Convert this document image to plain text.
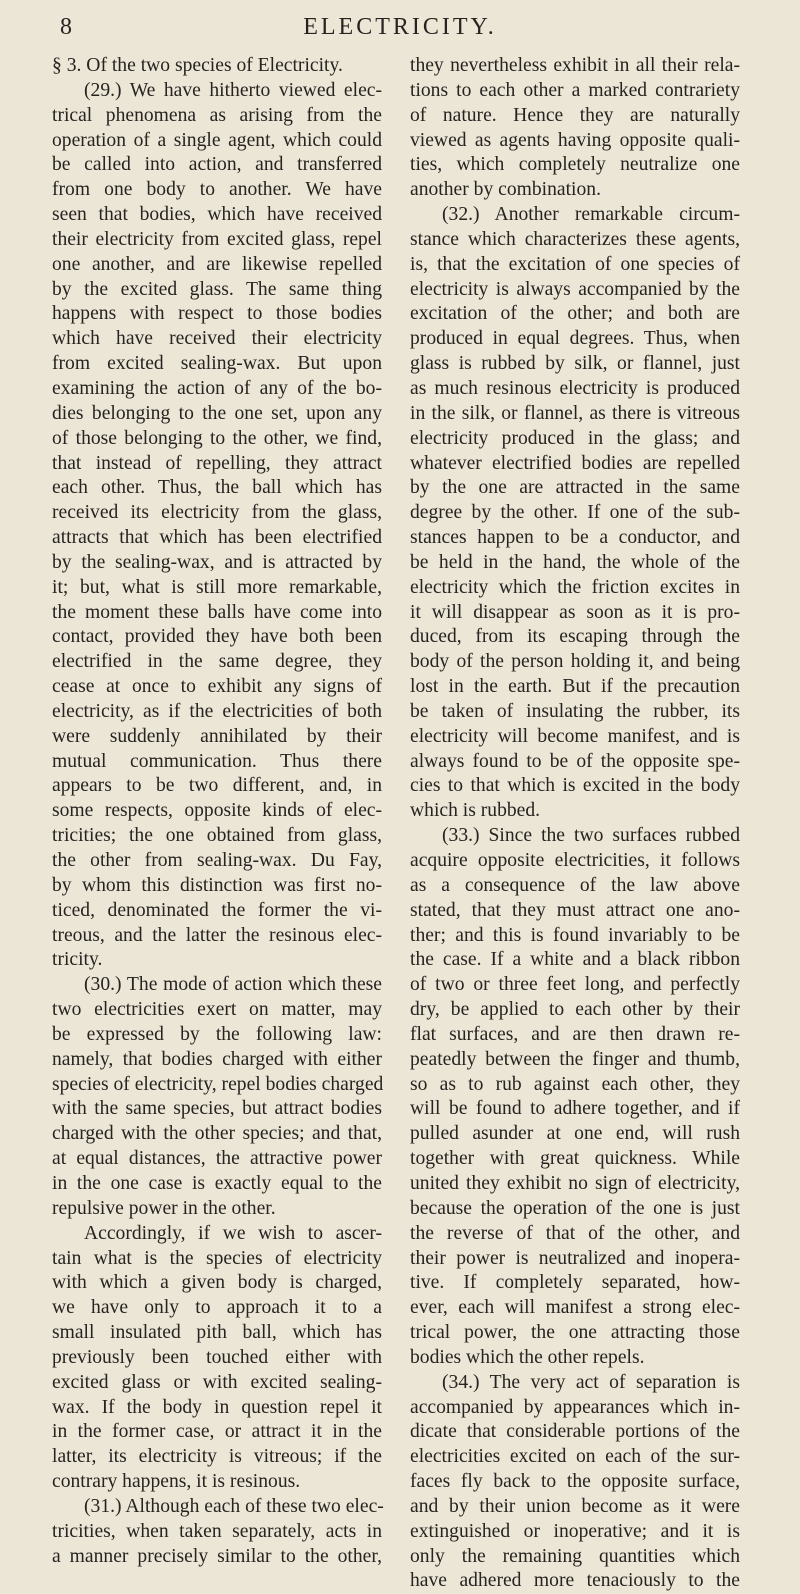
8	ELECTRICITY.
§ 3. Of the two species of Electricity.
(29.) We have hitherto viewed elec-
trical phenomena as arising from the
operation of a single agent, which could
be called into action, and transferred
from one body to another. We have
seen that bodies, which have received
their electricity from excited glass, repel
one another, and are likewise repelled
by the excited glass. The same thing
happens with respect to those bodies
which have received their electricity
from excited sealing-wax. But upon
examining the action of any of the bo-
dies belonging to the one set, upon any
of those belonging to the other, we find,
that instead of repelling, they attract
each other. Thus, the ball which has
received its electricity from the glass,
attracts that which has been electrified
by the sealing-wax, and is attracted by
it; but, what is still more remarkable,
the moment these balls have come into
contact, provided they have both been
electrified in the same degree, they
cease at once to exhibit any signs of
electricity, as if the electricities of both
were suddenly annihilated by their
mutual communication. Thus there
appears to be two different, and, in
some respects, opposite kinds of elec-
tricities; the one obtained from glass,
the other from sealing-wax. Du Fay,
by whom this distinction was first no-
ticed, denominated the former the vi-
treous, and the latter the resinous elec-
tricity.
(30.) The mode of action which these
two electricities exert on matter, may
be expressed by the following law:
namely, that bodies charged with either
species of electricity, repel bodies charged
with the same species, but attract bodies
charged with the other species; and that,
at equal distances, the attractive power
in the one case is exactly equal to the
repulsive power in the other.
Accordingly, if we wish to ascer-
tain what is the species of electricity
with which a given body is charged,
we have only to approach it to a
small insulated pith ball, which has
previously been touched either with
excited glass or with excited sealing-
wax. If the body in question repel it
in the former case, or attract it in the
latter, its electricity is vitreous; if the
contrary happens, it is resinous.
(31.) Although each of these two elec-
tricities, when taken separately, acts in
a manner precisely similar to the other,
they nevertheless exhibit in all their rela-
tions to each other a marked contrariety
of nature. Hence they are naturally
viewed as agents having opposite quali-
ties, which completely neutralize one
another by combination.
(32.) Another remarkable circum-
stance which characterizes these agents,
is, that the excitation of one species of
electricity is always accompanied by the
excitation of the other; and both are
produced in equal degrees. Thus, when
glass is rubbed by silk, or flannel, just
as much resinous electricity is produced
in the silk, or flannel, as there is vitreous
electricity produced in the glass; and
whatever electrified bodies are repelled
by the one are attracted in the same
degree by the other. If one of the sub-
stances happen to be a conductor, and
be held in the hand, the whole of the
electricity which the friction excites in
it will disappear as soon as it is pro-
duced, from its escaping through the
body of the person holding it, and being
lost in the earth. But if the precaution
be taken of insulating the rubber, its
electricity will become manifest, and is
always found to be of the opposite spe-
cies to that which is excited in the body
which is rubbed.
(33.) Since the two surfaces rubbed
acquire opposite electricities, it follows
as a consequence of the law above
stated, that they must attract one ano-
ther; and this is found invariably to be
the case. If a white and a black ribbon
of two or three feet long, and perfectly
dry, be applied to each other by their
flat surfaces, and are then drawn re-
peatedly between the finger and thumb,
so as to rub against each other, they
will be found to adhere together, and if
pulled asunder at one end, will rush
together with great quickness. While
united they exhibit no sign of electricity,
because the operation of the one is just
the reverse of that of the other, and
their power is neutralized and inopera-
tive. If completely separated, how-
ever, each will manifest a strong elec-
trical power, the one attracting those
bodies which the other repels.
(34.) The very act of separation is
accompanied by appearances which in-
dicate that considerable portions of the
electricities excited on each of the sur-
faces fly back to the opposite surface,
and by their union become as it were
extinguished or inoperative; and it is
only the remaining quantities which
have adhered more tenaciously to the
